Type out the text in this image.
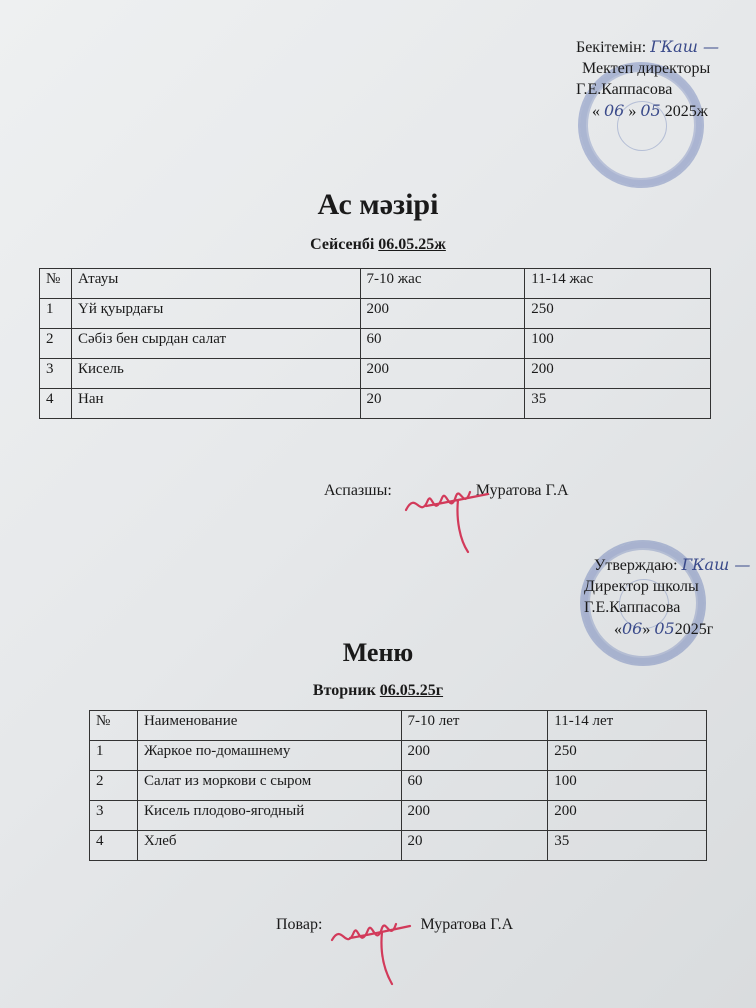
Бекітемін: ГКаш —
Мектеп директоры
Г.Е.Каппасова
« 06 » 05 2025ж
Ас мәзірі
Сейсенбі 06.05.25ж
№	Атауы	7-10 жас	11-14 жас
1	Үй қуырдағы	200	250
2	Сәбіз бен сырдан салат	60	100
3	Кисель	200	200
4	Нан	20	35
Аспазшы:	Муратова Г.А
Утверждаю: ГКаш —
Директор школы
Г.Е.Каппасова
«06» 052025г
Меню
Вторник 06.05.25г
№	Наименование	7-10 лет	11-14 лет
1	Жаркое по-домашнему	200	250
2	Салат из моркови с сыром	60	100
3	Кисель плодово-ягодный	200	200
4	Хлеб	20	35
Повар:	Муратова Г.А
